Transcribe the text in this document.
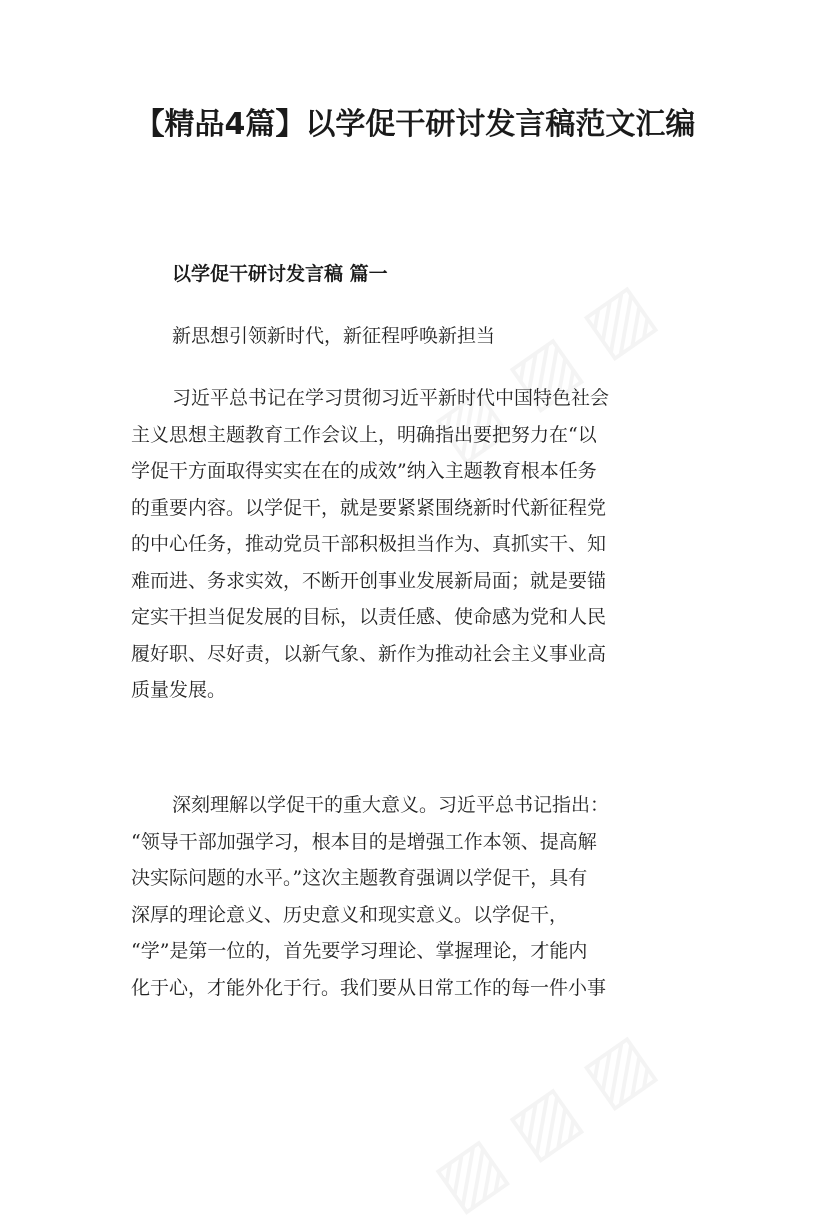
【精品4篇】以学促干研讨发言稿范文汇编
以学促干研讨发言稿 篇一

新思想引领新时代，新征程呼唤新担当

习近平总书记在学习贯彻习近平新时代中国特色社会
主义思想主题教育工作会议上，明确指出要把努力在“以
学促干方面取得实实在在的成效”纳入主题教育根本任务
的重要内容。以学促干，就是要紧紧围绕新时代新征程党
的中心任务，推动党员干部积极担当作为、真抓实干、知
难而进、务求实效，不断开创事业发展新局面；就是要锚
定实干担当促发展的目标，以责任感、使命感为党和人民
履好职、尽好责，以新气象、新作为推动社会主义事业高
质量发展。
深刻理解以学促干的重大意义。习近平总书记指出：
“领导干部加强学习，根本目的是增强工作本领、提高解
决实际问题的水平。”这次主题教育强调以学促干，具有
深厚的理论意义、历史意义和现实意义。以学促干，
“学”是第一位的，首先要学习理论、掌握理论，才能内
化于心，才能外化于行。我们要从日常工作的每一件小事
